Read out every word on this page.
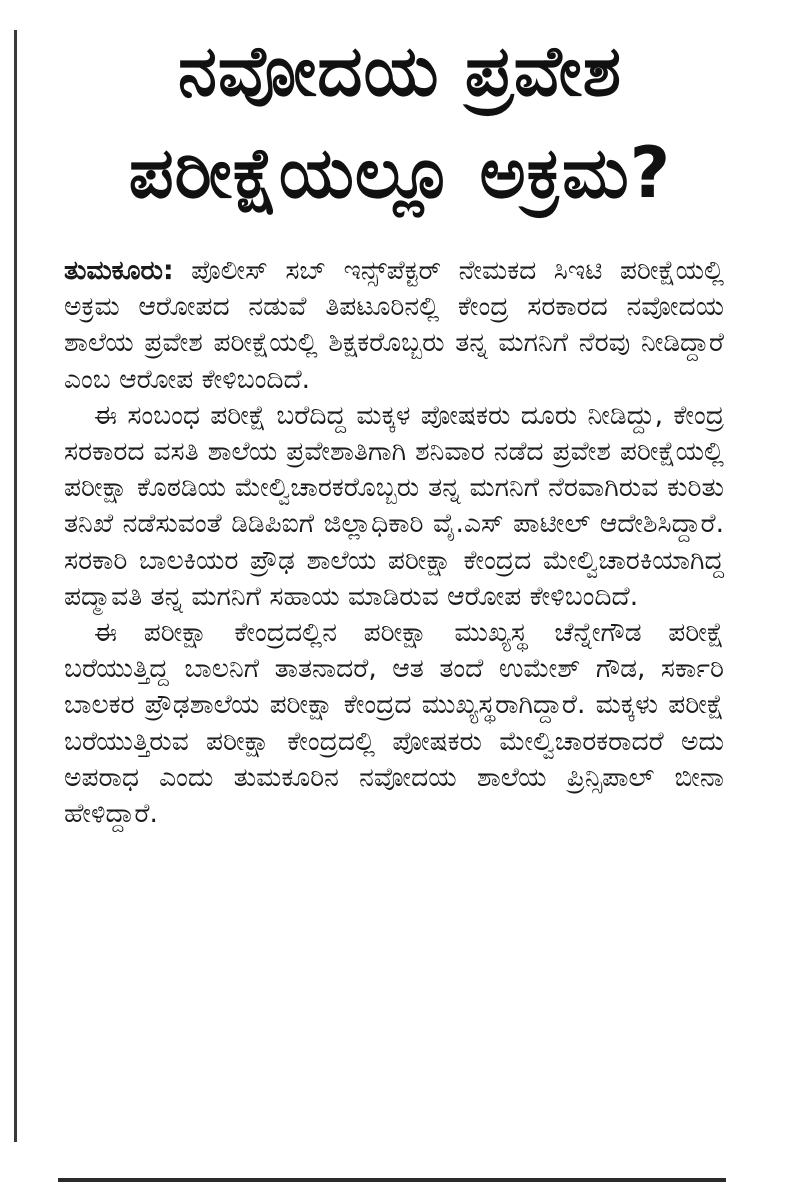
ನವೋದಯ ಪ್ರವೇಶ
ಪರೀಕ್ಷೆಯಲ್ಲೂ ಅಕ್ರಮ?

ತುಮಕೂರು: ಪೊಲೀಸ್ ಸಬ್ ಇನ್ಸ್‌ಪೆಕ್ಟರ್ ನೇಮಕದ ಸಿಇಟಿ ಪರೀಕ್ಷೆಯಲ್ಲಿ ಅಕ್ರಮ ಆರೋಪದ ನಡುವೆ ತಿಪಟೂರಿನಲ್ಲಿ ಕೇಂದ್ರ ಸರಕಾರದ ನವೋದಯ ಶಾಲೆಯ ಪ್ರವೇಶ ಪರೀಕ್ಷೆಯಲ್ಲಿ ಶಿಕ್ಷಕರೊಬ್ಬರು ತನ್ನ ಮಗನಿಗೆ ನೆರವು ನೀಡಿದ್ದಾರೆ ಎಂಬ ಆರೋಪ ಕೇಳಿಬಂದಿದೆ.

ಈ ಸಂಬಂಧ ಪರೀಕ್ಷೆ ಬರೆದಿದ್ದ ಮಕ್ಕಳ ಪೋಷಕರು ದೂರು ನೀಡಿದ್ದು, ಕೇಂದ್ರ ಸರಕಾರದ ವಸತಿ ಶಾಲೆಯ ಪ್ರವೇಶಾತಿಗಾಗಿ ಶನಿವಾರ ನಡೆದ ಪ್ರವೇಶ ಪರೀಕ್ಷೆಯಲ್ಲಿ ಪರೀಕ್ಷಾ ಕೊಠಡಿಯ ಮೇಲ್ವಿಚಾರಕರೊಬ್ಬರು ತನ್ನ ಮಗನಿಗೆ ನೆರವಾಗಿರುವ ಕುರಿತು ತನಿಖೆ ನಡೆಸುವಂತೆ ಡಿಡಿಪಿಐಗೆ ಜಿಲ್ಲಾಧಿಕಾರಿ ವೈ.ಎಸ್ ಪಾಟೀಲ್ ಆದೇಶಿಸಿದ್ದಾರೆ. ಸರಕಾರಿ ಬಾಲಕಿಯರ ಪ್ರೌಢ ಶಾಲೆಯ ಪರೀಕ್ಷಾ ಕೇಂದ್ರದ ಮೇಲ್ವಿಚಾರಕಿಯಾಗಿದ್ದ ಪದ್ಮಾವತಿ ತನ್ನ ಮಗನಿಗೆ ಸಹಾಯ ಮಾಡಿರುವ ಆರೋಪ ಕೇಳಿಬಂದಿದೆ.

ಈ ಪರೀಕ್ಷಾ ಕೇಂದ್ರದಲ್ಲಿನ ಪರೀಕ್ಷಾ ಮುಖ್ಯಸ್ಥ ಚೆನ್ನೇಗೌಡ ಪರೀಕ್ಷೆ ಬರೆಯುತ್ತಿದ್ದ ಬಾಲನಿಗೆ ತಾತನಾದರೆ, ಆತ ತಂದೆ ಉಮೇಶ್ ಗೌಡ, ಸರ್ಕಾರಿ ಬಾಲಕರ ಪ್ರೌಢಶಾಲೆಯ ಪರೀಕ್ಷಾ ಕೇಂದ್ರದ ಮುಖ್ಯಸ್ಥರಾಗಿದ್ದಾರೆ. ಮಕ್ಕಳು ಪರೀಕ್ಷೆ ಬರೆಯುತ್ತಿರುವ ಪರೀಕ್ಷಾ ಕೇಂದ್ರದಲ್ಲಿ ಪೋಷಕರು ಮೇಲ್ವಿಚಾರಕರಾದರೆ ಅದು ಅಪರಾಧ ಎಂದು ತುಮಕೂರಿನ ನವೋದಯ ಶಾಲೆಯ ಪ್ರಿನ್ಸಿಪಾಲ್ ಬೀನಾ ಹೇಳಿದ್ದಾರೆ.
